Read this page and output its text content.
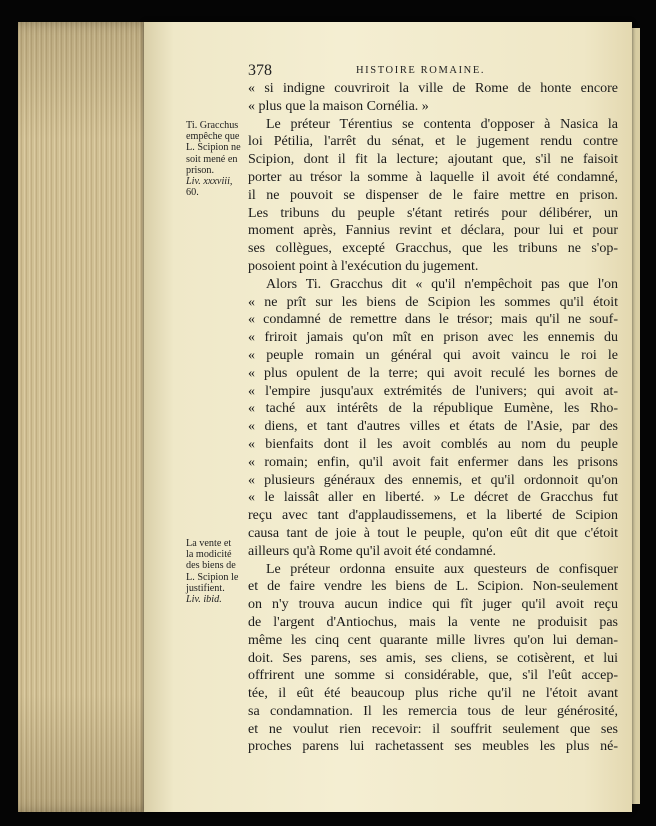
378	HISTOIRE ROMAINE.
Ti. Gracchus
empêche que
L. Scipion ne
soit mené en
prison.
Liv. xxxviii,
60.
La vente et
la modicité
des biens de
L. Scipion le
justifient.
Liv. ibid.
« si indigne couvriroit la ville de Rome de honte encore
« plus que la maison Cornélia. »
Le préteur Térentius se contenta d'opposer à Nasica la
loi Pétilia, l'arrêt du sénat, et le jugement rendu contre
Scipion, dont il fit la lecture; ajoutant que, s'il ne faisoit
porter au trésor la somme à laquelle il avoit été condamné,
il ne pouvoit se dispenser de le faire mettre en prison.
Les tribuns du peuple s'étant retirés pour délibérer, un
moment après, Fannius revint et déclara, pour lui et pour
ses collègues, excepté Gracchus, que les tribuns ne s'op-
posoient point à l'exécution du jugement.
Alors Ti. Gracchus dit « qu'il n'empêchoit pas que l'on
« ne prît sur les biens de Scipion les sommes qu'il étoit
« condamné de remettre dans le trésor; mais qu'il ne souf-
« friroit jamais qu'on mît en prison avec les ennemis du
« peuple romain un général qui avoit vaincu le roi le
« plus opulent de la terre; qui avoit reculé les bornes de
« l'empire jusqu'aux extrémités de l'univers; qui avoit at-
« taché aux intérêts de la république Eumène, les Rho-
« diens, et tant d'autres villes et états de l'Asie, par des
« bienfaits dont il les avoit comblés au nom du peuple
« romain; enfin, qu'il avoit fait enfermer dans les prisons
« plusieurs généraux des ennemis, et qu'il ordonnoit qu'on
« le laissât aller en liberté. » Le décret de Gracchus fut
reçu avec tant d'applaudissemens, et la liberté de Scipion
causa tant de joie à tout le peuple, qu'on eût dit que c'étoit
ailleurs qu'à Rome qu'il avoit été condamné.
Le préteur ordonna ensuite aux questeurs de confisquer
et de faire vendre les biens de L. Scipion. Non-seulement
on n'y trouva aucun indice qui fît juger qu'il avoit reçu
de l'argent d'Antiochus, mais la vente ne produisit pas
même les cinq cent quarante mille livres qu'on lui deman-
doit. Ses parens, ses amis, ses cliens, se cotisèrent, et lui
offrirent une somme si considérable, que, s'il l'eût accep-
tée, il eût été beaucoup plus riche qu'il ne l'étoit avant
sa condamnation. Il les remercia tous de leur générosité,
et ne voulut rien recevoir: il souffrit seulement que ses
proches parens lui rachetassent ses meubles les plus né-
